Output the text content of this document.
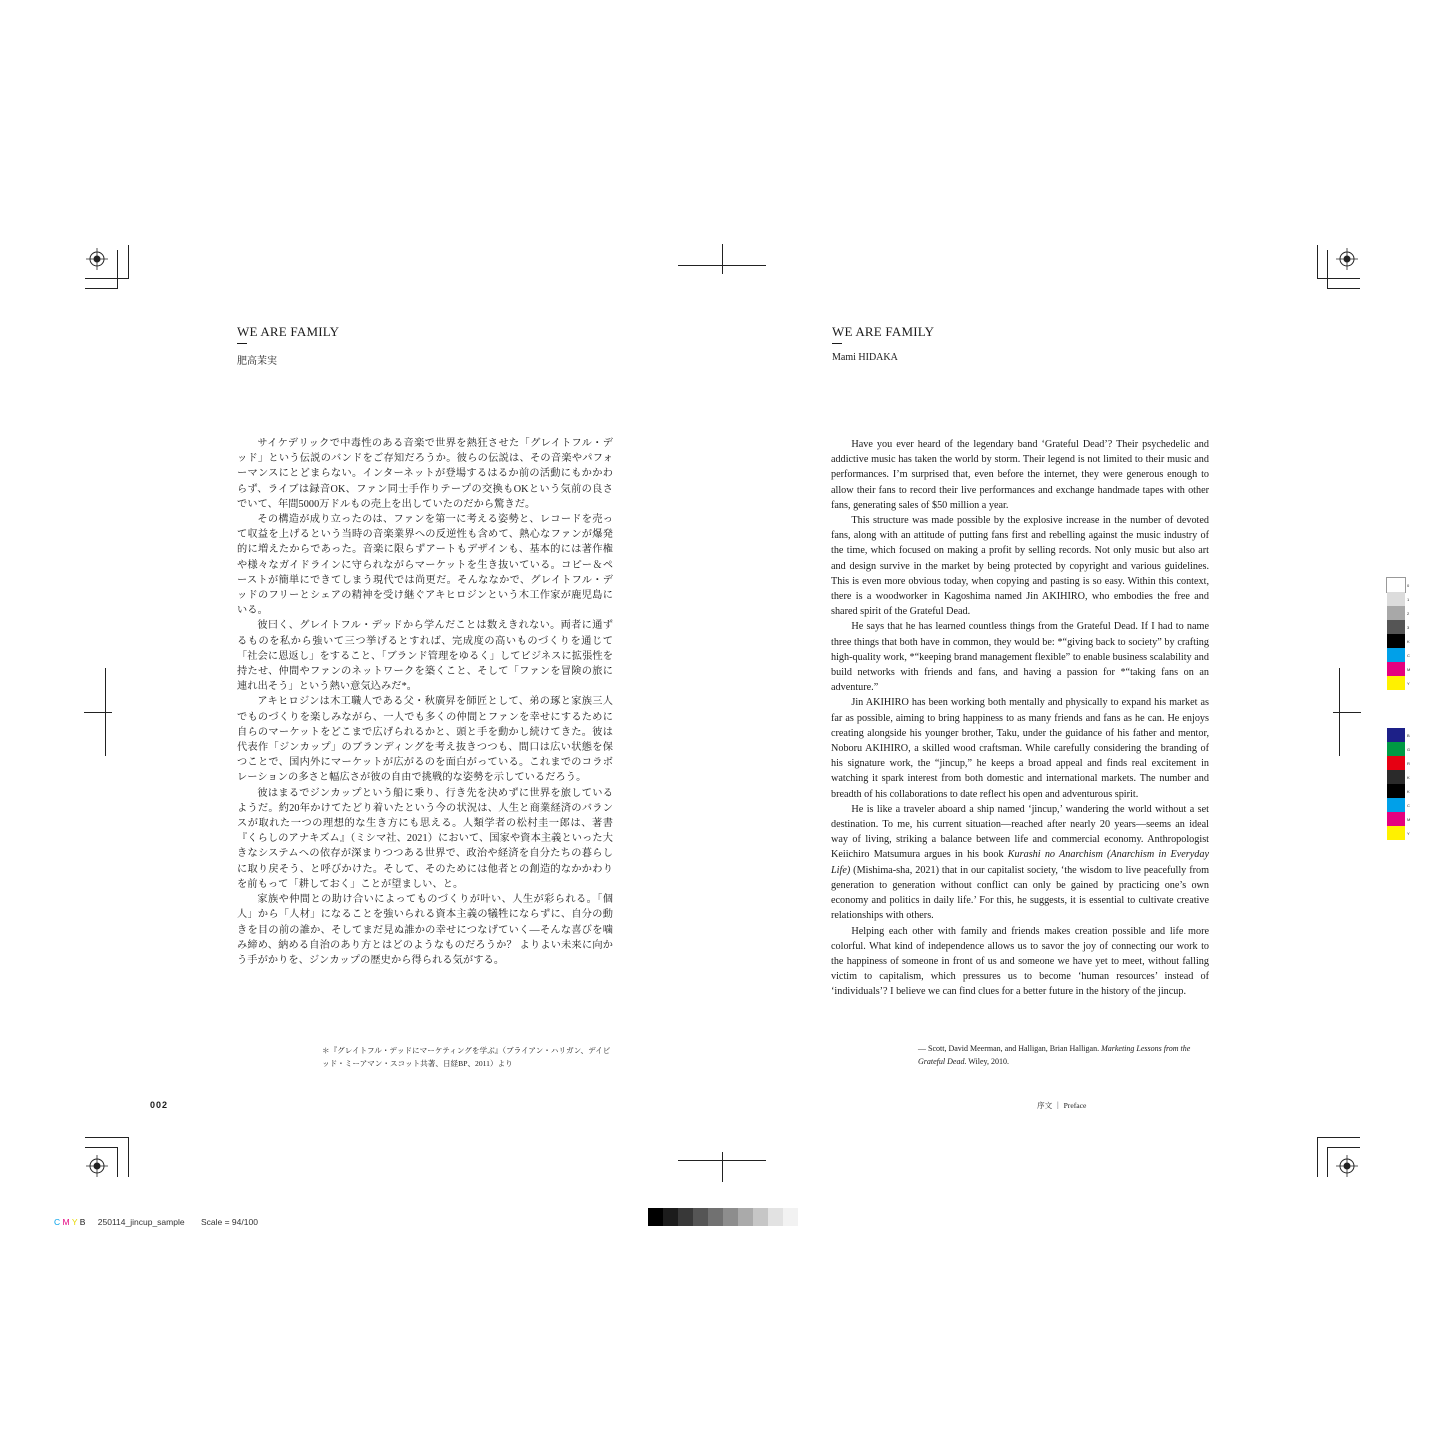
WE ARE FAMILY
肥高茉実

サイケデリックで中毒性のある音楽で世界を熱狂させた「グレイトフル・デッド」という伝説のバンドをご存知だろうか。彼らの伝説は、その音楽やパフォーマンスにとどまらない。インターネットが登場するはるか前の活動にもかかわらず、ライブは録音OK、ファン同士手作りテープの交換もOKという気前の良さでいて、年間5000万ドルもの売上を出していたのだから驚きだ。

その構造が成り立ったのは、ファンを第一に考える姿勢と、レコードを売って収益を上げるという当時の音楽業界への反逆性も含めて、熱心なファンが爆発的に増えたからであった。音楽に限らずアートもデザインも、基本的には著作権や様々なガイドラインに守られながらマーケットを生き抜いている。コピー＆ペーストが簡単にできてしまう現代では尚更だ。そんななかで、グレイトフル・デッドのフリーとシェアの精神を受け継ぐアキヒロジンという木工作家が鹿児島にいる。

彼曰く、グレイトフル・デッドから学んだことは数えきれない。両者に通ずるものを私から強いて三つ挙げるとすれば、完成度の高いものづくりを通じて「社会に恩返し」をすること、「ブランド管理をゆるく」してビジネスに拡張性を持たせ、仲間やファンのネットワークを築くこと、そして「ファンを冒険の旅に連れ出そう」という熱い意気込みだ*。

アキヒロジンは木工職人である父・秋廣昇を師匠として、弟の琢と家族三人でものづくりを楽しみながら、一人でも多くの仲間とファンを幸せにするために自らのマーケットをどこまで広げられるかと、頭と手を動かし続けてきた。彼は代表作「ジンカップ」のブランディングを考え抜きつつも、間口は広い状態を保つことで、国内外にマーケットが広がるのを面白がっている。これまでのコラボレーションの多さと幅広さが彼の自由で挑戦的な姿勢を示しているだろう。

彼はまるでジンカップという船に乗り、行き先を決めずに世界を旅しているようだ。約20年かけてたどり着いたという今の状況は、人生と商業経済のバランスが取れた一つの理想的な生き方にも思える。人類学者の松村圭一郎は、著書『くらしのアナキズム』（ミシマ社、2021）において、国家や資本主義といった大きなシステムへの依存が深まりつつある世界で、政治や経済を自分たちの暮らしに取り戻そう、と呼びかけた。そして、そのためには他者との創造的なかかわりを前もって「耕しておく」ことが望ましい、と。

家族や仲間との助け合いによってものづくりが叶い、人生が彩られる。「個人」から「人材」になることを強いられる資本主義の犠牲にならずに、自分の動きを目の前の誰か、そしてまだ見ぬ誰かの幸せにつなげていく—そんな喜びを噛み締め、納める自治のあり方とはどのようなものだろうか？ よりよい未来に向かう手がかりを、ジンカップの歴史から得られる気がする。

＊『グレイトフル・デッドにマーケティングを学ぶ』（ブライアン・ハリガン、デイビッド・ミーアマン・スコット共著、日経BP、2011）より
002
WE ARE FAMILY
Mami HIDAKA

Have you ever heard of the legendary band ‘Grateful Dead’? Their psychedelic and addictive music has taken the world by storm. Their legend is not limited to their music and performances. I’m surprised that, even before the internet, they were generous enough to allow their fans to record their live performances and exchange handmade tapes with other fans, generating sales of $50 million a year.

This structure was made possible by the explosive increase in the number of devoted fans, along with an attitude of putting fans first and rebelling against the music industry of the time, which focused on making a profit by selling records. Not only music but also art and design survive in the market by being protected by copyright and various guidelines. This is even more obvious today, when copying and pasting is so easy. Within this context, there is a woodworker in Kagoshima named Jin AKIHIRO, who embodies the free and shared spirit of the Grateful Dead.

He says that he has learned countless things from the Grateful Dead. If I had to name three things that both have in common, they would be: *“giving back to society” by crafting high-quality work, *“keeping brand management flexible” to enable business scalability and build networks with friends and fans, and having a passion for *“taking fans on an adventure.”

Jin AKIHIRO has been working both mentally and physically to expand his market as far as possible, aiming to bring happiness to as many friends and fans as he can. He enjoys creating alongside his younger brother, Taku, under the guidance of his father and mentor, Noboru AKIHIRO, a skilled wood craftsman. While carefully considering the branding of his signature work, the “jincup,” he keeps a broad appeal and finds real excitement in watching it spark interest from both domestic and international markets. The number and breadth of his collaborations to date reflect his open and adventurous spirit.

He is like a traveler aboard a ship named ‘jincup,’ wandering the world without a set destination. To me, his current situation—reached after nearly 20 years—seems an ideal way of living, striking a balance between life and commercial economy. Anthropologist Keiichiro Matsumura argues in his book Kurashi no Anarchism (Anarchism in Everyday Life) (Mishima-sha, 2021) that in our capitalist society, ‘the wisdom to live peacefully from generation to generation without conflict can only be gained by practicing one’s own economy and politics in daily life.’ For this, he suggests, it is essential to cultivate creative relationships with others.

Helping each other with family and friends makes creation possible and life more colorful. What kind of independence allows us to savor the joy of connecting our work to the happiness of someone in front of us and someone we have yet to meet, without falling victim to capitalism, which pressures us to become ‘human resources’ instead of ‘individuals’? I believe we can find clues for a better future in the history of the jincup.

— Scott, David Meerman, and Halligan, Brian Halligan. Marketing Lessons from the Grateful Dead. Wiley, 2010.
序文 ｜ Preface
0
1
2
3
K
C
M
Y
B
G
R
K
K
C
M
Y
C M Y B 250114_jincup_sample Scale = 94/100
